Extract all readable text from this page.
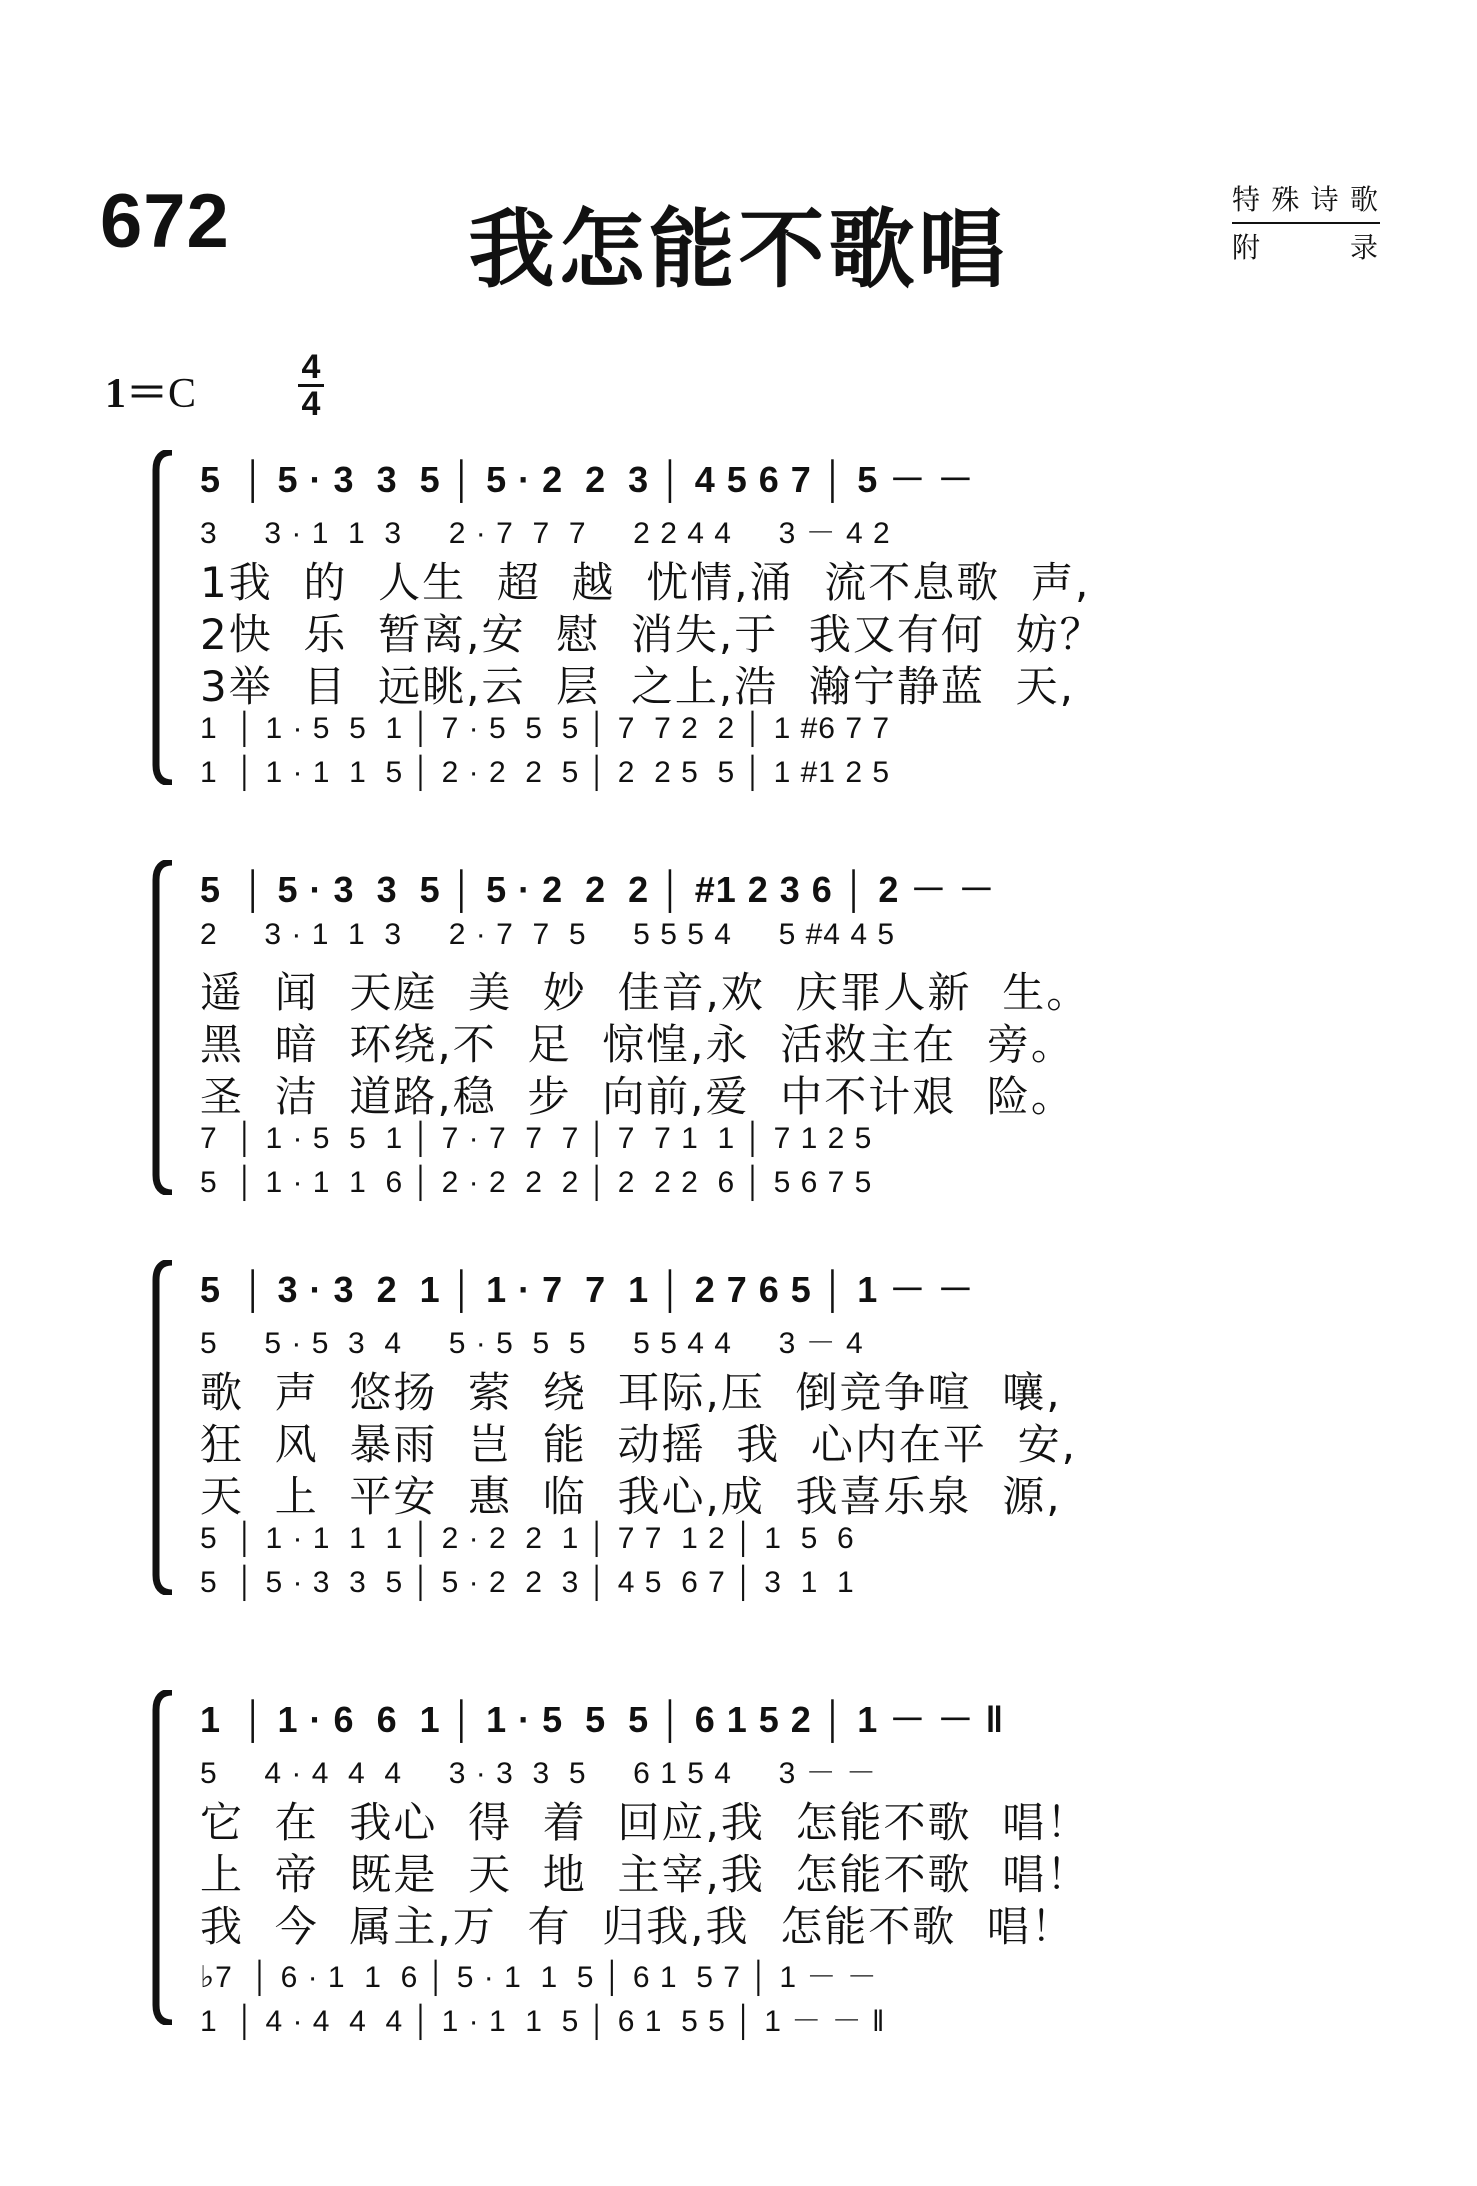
672	我怎能不歌唱
特殊诗歌
附　　录
1＝C
4
4
5  │ 5 · 3  3  5 │ 5 · 2  2  3 │ 4 5 6 7 │ 5 － －
3     3 · 1  1  3     2 · 7  7  7     2 2 4 4     3 － 4 2
1我  的  人生  超  越  忧情,涌  流不息歌  声,
2快  乐  暂离,安  慰  消失,于  我又有何  妨？
3举  目  远眺,云  层  之上,浩  瀚宁静蓝  天,
1  │ 1 · 5  5  1 │ 7 · 5  5  5 │ 7  7 2  2 │ 1 #6 7 7
1  │ 1 · 1  1  5 │ 2 · 2  2  5 │ 2  2 5  5 │ 1 #1 2 5
5  │ 5 · 3  3  5 │ 5 · 2  2  2 │ #1 2 3 6 │ 2 － －
2     3 · 1  1  3     2 · 7  7  5     5 5 5 4     5 #4 4 5
遥  闻  天庭  美  妙  佳音,欢  庆罪人新  生。
黑  暗  环绕,不  足  惊惶,永  活救主在  旁。
圣  洁  道路,稳  步  向前,爱  中不计艰  险。
7  │ 1 · 5  5  1 │ 7 · 7  7  7 │ 7  7 1  1 │ 7 1 2 5
5  │ 1 · 1  1  6 │ 2 · 2  2  2 │ 2  2 2  6 │ 5 6 7 5
5  │ 3 · 3  2  1 │ 1 · 7  7  1 │ 2 7 6 5 │ 1 － －
5     5 · 5  3  4     5 · 5  5  5     5 5 4 4     3 － 4
歌  声  悠扬  萦  绕  耳际,压  倒竞争喧  嚷,
狂  风  暴雨  岂  能  动摇  我  心内在平  安,
天  上  平安  惠  临  我心,成  我喜乐泉  源,
5  │ 1 · 1  1  1 │ 2 · 2  2  1 │ 7 7  1 2 │ 1  5  6
5  │ 5 · 3  3  5 │ 5 · 2  2  3 │ 4 5  6 7 │ 3  1  1
1  │ 1 · 6  6  1 │ 1 · 5  5  5 │ 6 1 5 2 │ 1 － － ‖
5     4 · 4  4  4     3 · 3  3  5     6 1 5 4     3 － －
它  在  我心  得  着  回应,我  怎能不歌  唱！
上  帝  既是  天  地  主宰,我  怎能不歌  唱！
我  今  属主,万  有  归我,我  怎能不歌  唱！
♭7  │ 6 · 1  1  6 │ 5 · 1  1  5 │ 6 1  5 7 │ 1 － －
1  │ 4 · 4  4  4 │ 1 · 1  1  5 │ 6 1  5 5 │ 1 － － ‖
